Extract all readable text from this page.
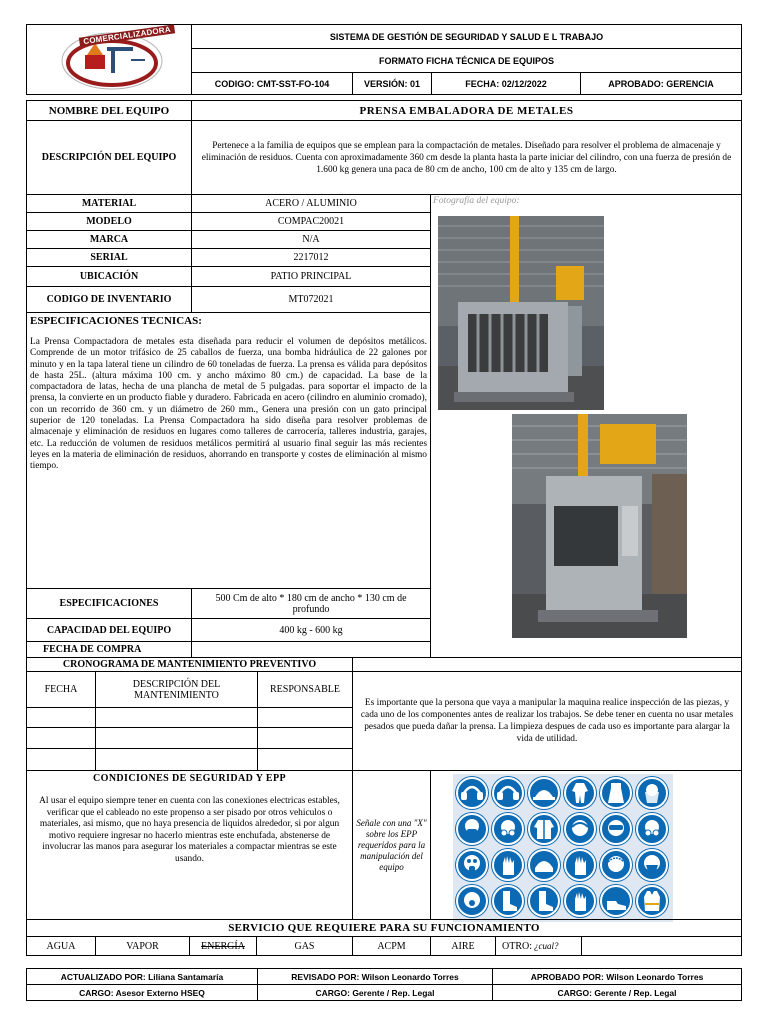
COMERCIALIZADORA	SISTEMA DE GESTIÓN DE SEGURIDAD Y SALUD E L TRABAJO
FORMATO FICHA TÉCNICA DE EQUIPOS
CODIGO: CMT-SST-FO-104	VERSIÓN: 01	FECHA: 02/12/2022	APROBADO: GERENCIA
NOMBRE DEL EQUIPO	PRENSA EMBALADORA DE METALES
DESCRIPCIÓN DEL EQUIPO
Pertenece a la familia de equipos que se emplean para la compactación de metales. Diseñado para resolver el problema de almacenaje y eliminación de residuos. Cuenta con aproximadamente 360 cm desde la planta hasta la parte iniciar del cilindro, con una fuerza de presión de 1.600 kg genera una paca de 80 cm de ancho, 100 cm de alto y 135 cm de largo.
MATERIAL	ACERO / ALUMINIO
MODELO	COMPAC20021
MARCA	N/A
SERIAL	2217012
UBICACIÓN	PATIO PRINCIPAL
CODIGO DE INVENTARIO	MT072021
ESPECIFICACIONES TECNICAS:
La Prensa Compactadora de metales esta diseñada para reducir el volumen de depósitos metálicos. Comprende de un motor trifásico de 25 caballos de fuerza, una bomba hidráulica de 22 galones por minuto y en la tapa lateral tiene un cilindro de 60 toneladas de fuerza. La prensa es válida para depósitos de hasta 25L. (altura máxima 100 cm. y ancho máximo 80 cm.) de capacidad. La base de la compactadora de latas, hecha de una plancha de metal de 5 pulgadas. para soportar el impacto de la prensa, la convierte en un producto fiable y duradero. Fabricada en acero (cilindro en aluminio cromado), con un recorrido de 360 cm. y un diámetro de 260 mm., Genera una presión con un gato principal superior de 120 toneladas. La Prensa Compactadora ha sido diseña para resolver problemas de almacenaje y eliminación de residuos en lugares como talleres de carrocería, talleres industria, garajes, etc. La reducción de volumen de residuos metálicos permitirá al usuario final seguir las más recientes leyes en la materia de eliminación de residuos, ahorrando en transporte y costes de eliminación al mismo tiempo.
Fotografía del equipo:
ESPECIFICACIONES	500 Cm de alto * 180 cm de ancho * 130 cm de profundo
CAPACIDAD DEL EQUIPO	400 kg - 600 kg
FECHA DE COMPRA
CRONOGRAMA DE MANTENIMIENTO PREVENTIVO
FECHA	DESCRIPCIÓN DEL MANTENIMIENTO	RESPONSABLE
Es importante que la persona que vaya a manipular la maquina realice inspección de las piezas, y cada uno de los componentes antes de realizar los trabajos. Se debe tener en cuenta no usar metales pesados que pueda dañar la prensa. La limpieza despues de cada uso es importante para alargar la vida de utilidad.
CONDICIONES DE SEGURIDAD Y EPP
Al usar el equipo siempre tener en cuenta con las conexiones electricas estables, verificar que el cableado no este propenso a ser pisado por otros vehiculos o materiales, asi mismo, que no haya presencia de liquidos alrededor, si por algun motivo requiere ingresar no hacerlo mientras este enchufada, abstenerse de involucrar las manos para asegurar los materiales a compactar mientras se este usando.
Señale con una "X" sobre los EPP requeridos para la manipulación del equipo
SERVICIO QUE REQUIERE PARA SU FUNCIONAMIENTO
AGUA	VAPOR	ENERGÍA	GAS	ACPM	AIRE	OTRO: ¿cual?
ACTUALIZADO POR: Liliana Santamaría	REVISADO POR: Wilson Leonardo Torres	APROBADO POR: Wilson Leonardo Torres
CARGO: Asesor Externo HSEQ	CARGO: Gerente / Rep. Legal	CARGO: Gerente / Rep. Legal
